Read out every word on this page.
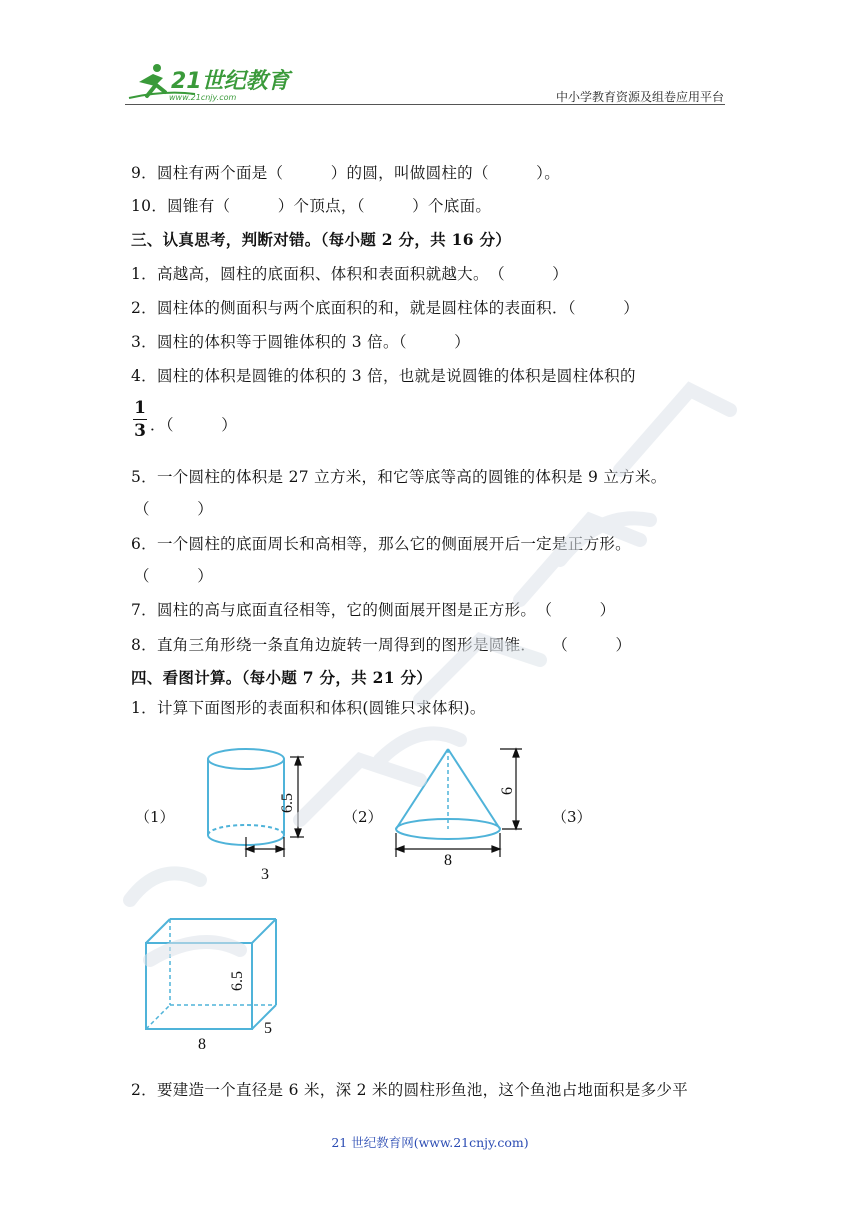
21世纪教育
www.21cnjy.com	中小学教育资源及组卷应用平台
9．圆柱有两个面是（　　　）的圆，叫做圆柱的（　　　）。
10．圆锥有（　　　）个顶点，（　　　）个底面。
三、认真思考，判断对错。（每小题 2 分，共 16 分）
1．高越高，圆柱的底面积、体积和表面积就越大。　（　　　）
2．圆柱体的侧面积与两个底面积的和，就是圆柱体的表面积．（　　　）
3．圆柱的体积等于圆锥体积的 3 倍。（　　　）
4．圆柱的体积是圆锥的体积的 3 倍，也就是说圆锥的体积是圆柱体积的
1
3 ．（　　　）
5．一个圆柱的体积是 27 立方米，和它等底等高的圆锥的体积是 9 立方米。
（　　　）
6．一个圆柱的底面周长和高相等，那么它的侧面展开后一定是正方形。
（　　　）
7．圆柱的高与底面直径相等，它的侧面展开图是正方形。　（　　　）
8．直角三角形绕一条直角边旋转一周得到的图形是圆锥．　　（　　　）
四、看图计算。（每小题 7 分，共 21 分）
1．计算下面图形的表面积和体积(圆锥只求体积)。
（1）	（2）	（3）
6.5
3
6
8
6.5
8
5
2．要建造一个直径是 6 米，深 2 米的圆柱形鱼池，这个鱼池占地面积是多少平
21 世纪教育网(www.21cnjy.com)
